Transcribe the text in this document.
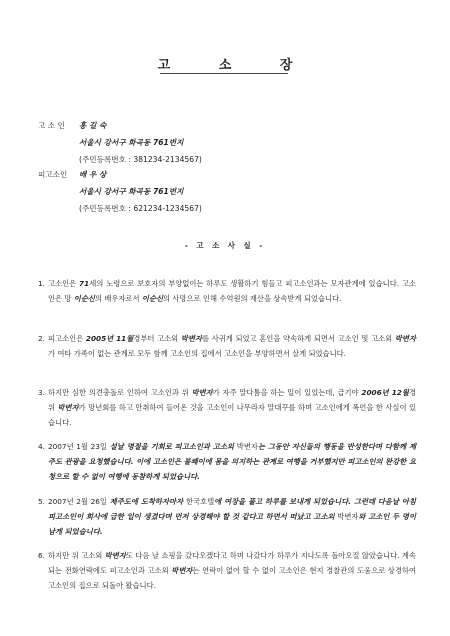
고 소 장
고 소 인	홍 길 숙
서울시 강서구 화곡동 761번지
(주민등록번호 : 381234-2134567)
피고소인	배 우 상
서울시 강서구 화곡동 761번지
(주민등록번호 : 621234-1234567)
- 고 소 사 실 -
1. 고소인은 71세의 노령으로 보호자의 부양없이는 하루도 생활하기 힘들고 피고소인과는 모자관계에 있습니다. 고소인은 망 이순신의 배우자로서 이순신의 사망으로 인해 수억원의 재산을 상속받게 되었습니다.
2. 피고소인은 2005년 11월경부터 고소외 박변자를 사귀게 되었고 혼인을 약속하게 되면서 고소인 및 고소외 박변자가 여타 가족이 없는 관계로 모두 함께 고소인의 집에서 고소인을 부양하면서 살게 되었습니다.
3. 하지만 심한 의견충돌로 인하여 고소인과 위 박변자가 자주 말다툼을 하는 일이 있었는데, 급기야 2006년 12월경 위 박변자가 망년회를 하고 만취하여 들어온 것을 고소인이 나무라자 말대꾸를 하며 고소인에게 폭언을 한 사실이 있습니다.
4. 2007년 1월 23일 설날 명절을 기회로 피고소인과 고소외 박변자는 그동안 자신들의 행동을 반성한다며 다함께 제주도 관광을 요청했습니다. 이에 고소인은 불쾌이에 몸을 의지하는 관계로 여행을 거부했지만 피고소인의 완강한 요청으로 할 수 없이 여행에 동참하게 되었습니다.
5. 2007년 2월 26일 제주도에 도착하자마자 한국호텔에 여장을 풀고 하루를 보내게 되었습니다. 그런데 다음날 아침 피고소인이 회사에 급한 일이 생겼다며 먼저 상경해야 할 것 같다고 하면서 떠났고 고소외 박변자와 고소인 두 명이 남게 되었습니다.
6. 하지만 위 고소외 박변자도 다음 날 쇼핑을 갔다오겠다고 하며 나갔다가 하루가 지나도록 돌아오질 않았습니다. 계속되는 전화연락에도 피고소인과 고소외 박변자는 연락이 없어 할 수 없이 고소인은 현지 경찰관의 도움으로 상경하여 고소인의 집으로 되돌아 왔습니다.
